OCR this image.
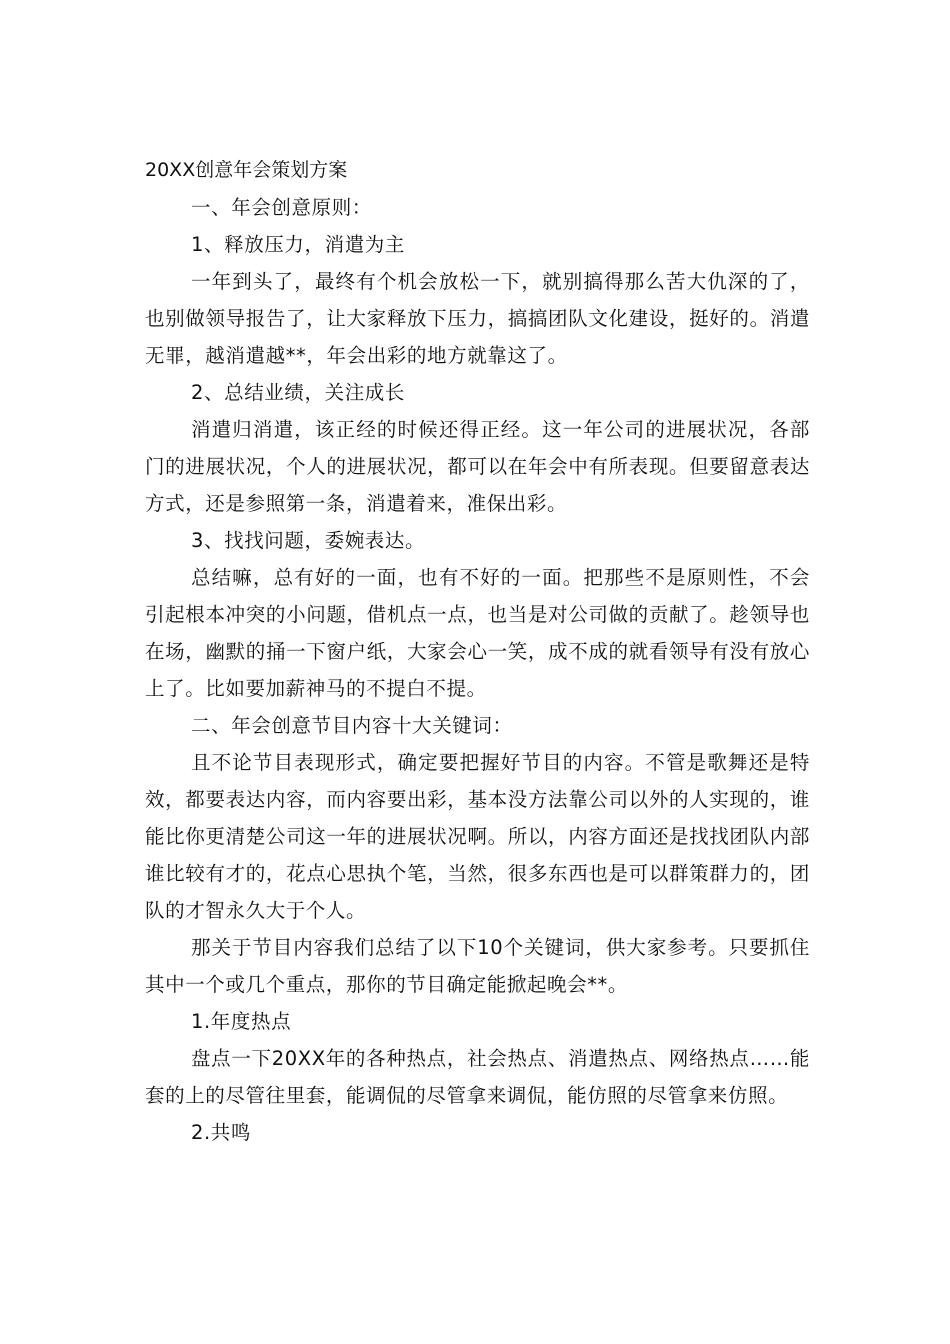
20XX创意年会策划方案

一、年会创意原则：

1、释放压力，消遣为主

一年到头了，最终有个机会放松一下，就别搞得那么苦大仇深的了，也别做领导报告了，让大家释放下压力，搞搞团队文化建设，挺好的。消遣无罪，越消遣越**，年会出彩的地方就靠这了。

2、总结业绩，关注成长

消遣归消遣，该正经的时候还得正经。这一年公司的进展状况，各部门的进展状况，个人的进展状况，都可以在年会中有所表现。但要留意表达方式，还是参照第一条，消遣着来，准保出彩。

3、找找问题，委婉表达。

总结嘛，总有好的一面，也有不好的一面。把那些不是原则性，不会引起根本冲突的小问题，借机点一点，也当是对公司做的贡献了。趁领导也在场，幽默的捅一下窗户纸，大家会心一笑，成不成的就看领导有没有放心上了。比如要加薪神马的不提白不提。

二、年会创意节目内容十大关键词：

且不论节目表现形式，确定要把握好节目的内容。不管是歌舞还是特效，都要表达内容，而内容要出彩，基本没方法靠公司以外的人实现的，谁能比你更清楚公司这一年的进展状况啊。所以，内容方面还是找找团队内部谁比较有才的，花点心思执个笔，当然，很多东西也是可以群策群力的，团队的才智永久大于个人。

那关于节目内容我们总结了以下10个关键词，供大家参考。只要抓住其中一个或几个重点，那你的节目确定能掀起晚会**。

1.年度热点

盘点一下20XX年的各种热点，社会热点、消遣热点、网络热点……能套的上的尽管往里套，能调侃的尽管拿来调侃，能仿照的尽管拿来仿照。

2.共鸣
